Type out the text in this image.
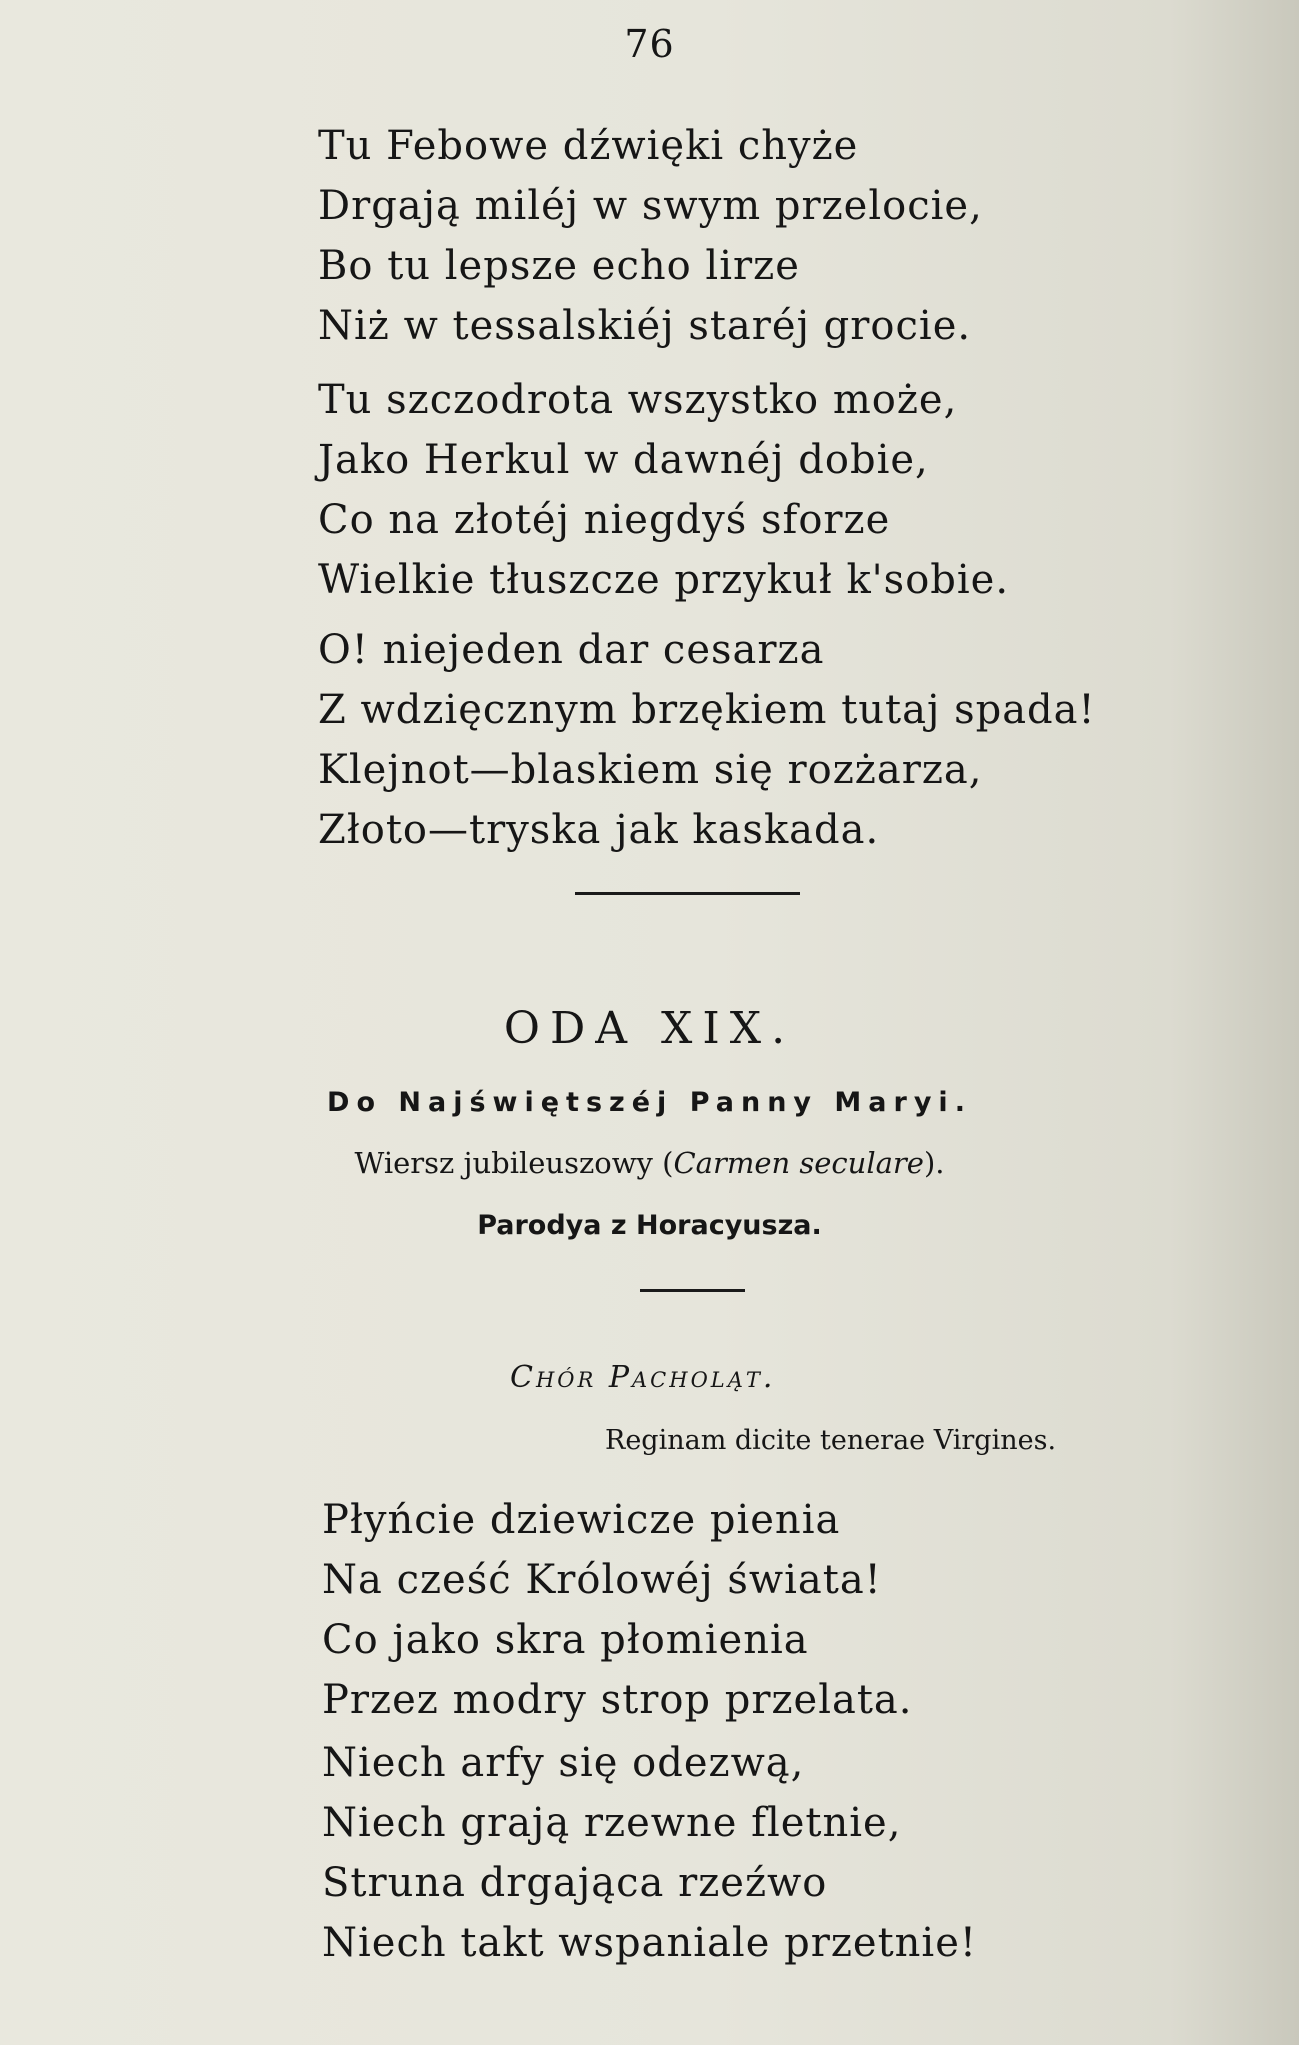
76
Tu Febowe dźwięki chyże
Drgają miléj w swym przelocie,
Bo tu lepsze echo lirze
Niż w tessalskiéj staréj grocie.
Tu szczodrota wszystko może,
Jako Herkul w dawnéj dobie,
Co na złotéj niegdyś sforze
Wielkie tłuszcze przykuł k'sobie.
O! niejeden dar cesarza
Z wdzięcznym brzękiem tutaj spada!
Klejnot—blaskiem się rozżarza,
Złoto—tryska jak kaskada.
ODA XIX.
Do Najświętszéj Panny Maryi.
Wiersz jubileuszowy (Carmen seculare).
Parodya z Horacyusza.
Chór Pacholąt.
Reginam dicite tenerae Virgines.
Płyńcie dziewicze pienia
Na cześć Królowéj świata!
Co jako skra płomienia
Przez modry strop przelata.
Niech arfy się odezwą,
Niech grają rzewne fletnie,
Struna drgająca rzeźwo
Niech takt wspaniale przetnie!
